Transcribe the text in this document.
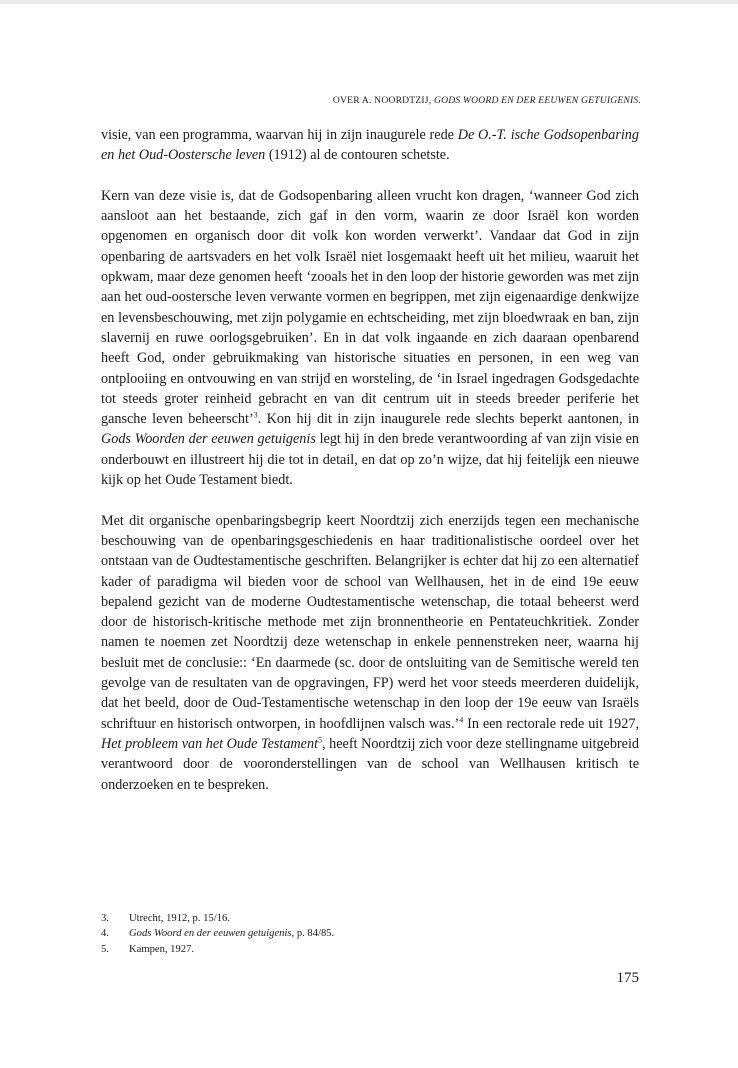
OVER A. NOORDTZIJ, GODS WOORD EN DER EEUWEN GETUIGENIS.

visie, van een programma, waarvan hij in zijn inaugurele rede De O.-T. ische Godsopenbaring en het Oud-Oostersche leven (1912) al de contouren schetste.

Kern van deze visie is, dat de Godsopenbaring alleen vrucht kon dragen, ‘wanneer God zich aansloot aan het bestaande, zich gaf in den vorm, waarin ze door Israël kon worden opgenomen en organisch door dit volk kon worden verwerkt’. Vandaar dat God in zijn openbaring de aartsvaders en het volk Israël niet losgemaakt heeft uit het milieu, waaruit het opkwam, maar deze genomen heeft ‘zooals het in den loop der historie geworden was met zijn aan het oud-oostersche leven verwante vormen en begrippen, met zijn eigenaardige denkwijze en levensbeschouwing, met zijn polygamie en echtscheiding, met zijn bloedwraak en ban, zijn slavernij en ruwe oorlogsgebruiken’. En in dat volk ingaande en zich daaraan openbarend heeft God, onder gebruikmaking van historische situaties en personen, in een weg van ontplooiing en ontvouwing en van strijd en worsteling, de ‘in Israel ingedragen Godsgedachte tot steeds groter reinheid gebracht en van dit centrum uit in steeds breeder periferie het gansche leven beheerscht’$^3$. Kon hij dit in zijn inaugurele rede slechts beperkt aantonen, in Gods Woorden der eeuwen getuigenis legt hij in den brede verantwoording af van zijn visie en onderbouwt en illustreert hij die tot in detail, en dat op zo’n wijze, dat hij feitelijk een nieuwe kijk op het Oude Testament biedt.

Met dit organische openbaringsbegrip keert Noordtzij zich enerzijds tegen een mechanische beschouwing van de openbaringsgeschiedenis en haar traditionalistische oordeel over het ontstaan van de Oudtestamentische geschriften. Belangrijker is echter dat hij zo een alternatief kader of paradigma wil bieden voor de school van Wellhausen, het in de eind 19e eeuw bepalend gezicht van de moderne Oudtestamentische wetenschap, die totaal beheerst werd door de historisch-kritische methode met zijn bronnentheorie en Pentateuchkritiek. Zonder namen te noemen zet Noordtzij deze wetenschap in enkele pennenstreken neer, waarna hij besluit met de conclusie:: ‘En daarmede (sc. door de ontsluiting van de Semitische wereld ten gevolge van de resultaten van de opgravingen, FP) werd het voor steeds meerderen duidelijk, dat het beeld, door de Oud-Testamentische wetenschap in den loop der 19e eeuw van Israëls schriftuur en historisch ontworpen, in hoofdlijnen valsch was.’$^4$ In een rectorale rede uit 1927, Het probleem van het Oude Testament$^5$, heeft Noordtzij zich voor deze stellingname uitgebreid verantwoord door de vooronderstellingen van de school van Wellhausen kritisch te onderzoeken en te bespreken.

3.	Utrecht, 1912, p. 15/16.
4.	Gods Woord en der eeuwen getuigenis , p. 84/85.
5.	Kampen, 1927.
175
